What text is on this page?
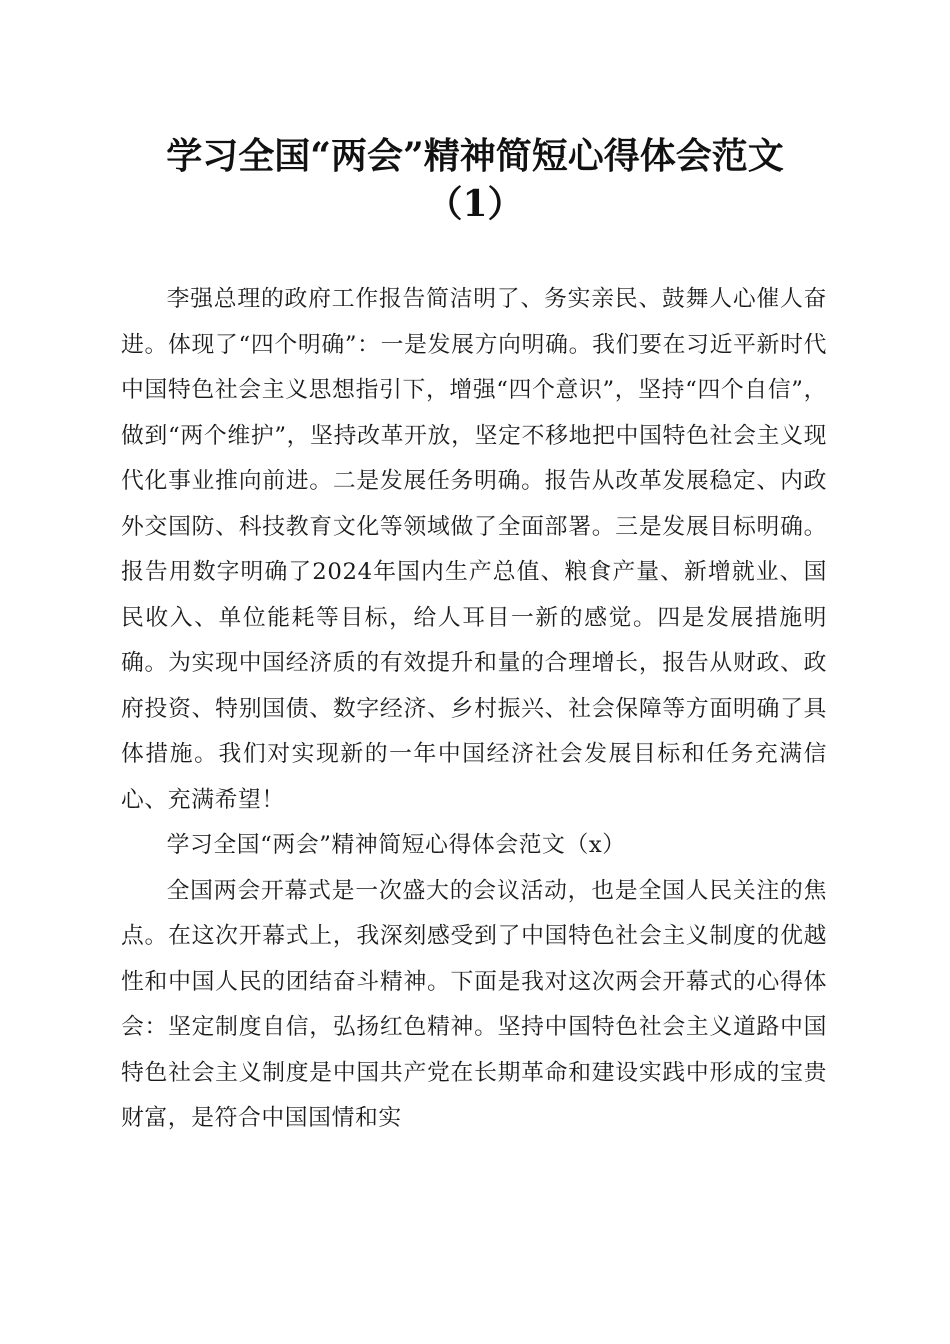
学习全国“两会”精神简短心得体会范文
（1）

李强总理的政府工作报告简洁明了、务实亲民、鼓舞人心催人奋进。体现了“四个明确”：一是发展方向明确。我们要在习近平新时代中国特色社会主义思想指引下，增强“四个意识”，坚持“四个自信”，做到“两个维护”，坚持改革开放，坚定不移地把中国特色社会主义现代化事业推向前进。二是发展任务明确。报告从改革发展稳定、内政外交国防、科技教育文化等领域做了全面部署。三是发展目标明确。报告用数字明确了2024年国内生产总值、粮食产量、新增就业、国民收入、单位能耗等目标，给人耳目一新的感觉。四是发展措施明确。为实现中国经济质的有效提升和量的合理增长，报告从财政、政府投资、特别国债、数字经济、乡村振兴、社会保障等方面明确了具体措施。我们对实现新的一年中国经济社会发展目标和任务充满信心、充满希望！

学习全国“两会”精神简短心得体会范文（x）

全国两会开幕式是一次盛大的会议活动，也是全国人民关注的焦点。在这次开幕式上，我深刻感受到了中国特色社会主义制度的优越性和中国人民的团结奋斗精神。下面是我对这次两会开幕式的心得体会：坚定制度自信，弘扬红色精神。坚持中国特色社会主义道路中国特色社会主义制度是中国共产党在长期革命和建设实践中形成的宝贵财富，是符合中国国情和实
